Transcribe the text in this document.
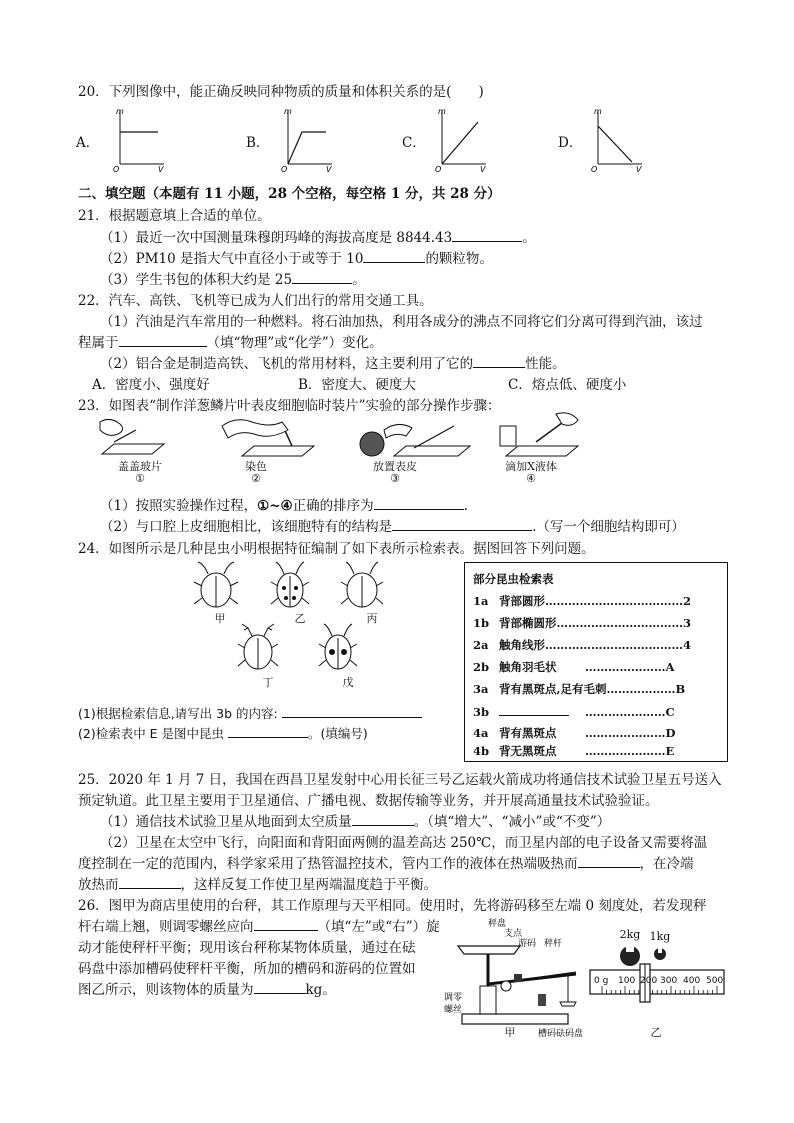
20．下列图像中，能正确反映同种物质的质量和体积关系的是(　　)
A．
m
O	V
B．
m
O	V
C．
m
O	V
D．
m
O	V
二、填空题（本题有 11 小题，28 个空格，每空格 1 分，共 28 分）
21．根据题意填上合适的单位。
（1）最近一次中国测量珠穆朗玛峰的海拔高度是 8844.43	。
（2）PM10 是指大气中直径小于或等于 10	的颗粒物。
（3）学生书包的体积大约是 25	。
22．汽车、高铁、飞机等已成为人们出行的常用交通工具。
（1）汽油是汽车常用的一种燃料。将石油加热，利用各成分的沸点不同将它们分离可得到汽油，该过
程属于	（填“物理”或“化学”）变化。
（2）铝合金是制造高铁、飞机的常用材料，这主要利用了它的	性能。
A．密度小、强度好	B．密度大、硬度大	C．熔点低、硬度小
23．如图表“制作洋葱鳞片叶表皮细胞临时装片”实验的部分操作步骤：
盖盖玻片
①
染色
②
放置表皮
③
滴加X液体
④
（1）按照实验操作过程，①~④正确的排序为	.
（2）与口腔上皮细胞相比，该细胞特有的结构是	.（写一个细胞结构即可）
24．如图所示是几种昆虫小明根据特征编制了如下表所示检索表。据图回答下列问题。
甲	乙	丙
丁	戊
(1)根据检索信息,请写出 3b 的内容:
(2)检索表中 E 是图中昆虫	。(填编号)
部分昆虫检索表
1a 背部圆形………………………………2
1b 背部椭圆形……………………………3
2a 触角线形………………………………4
2b 触角羽毛状 …………………A
3a 背有黑斑点,足有毛刺………………B
3b	…………………C
4a 背有黑斑点 …………………D
4b 背无黑斑点 …………………E
25．2020 年 1 月 7 日，我国在西昌卫星发射中心用长征三号乙运载火箭成功将通信技术试验卫星五号送入
预定轨道。此卫星主要用于卫星通信、广播电视、数据传输等业务，并开展高通量技术试验验证。
（1）通信技术试验卫星从地面到太空质量	。（填“增大”、“减小”或“不变”）
（2）卫星在太空中飞行，向阳面和背阳面两侧的温差高达 250℃，而卫星内部的电子设备又需要将温
度控制在一定的范围内，科学家采用了热管温控技术，管内工作的液体在热端吸热而	，在冷端
放热而	，这样反复工作使卫星两端温度趋于平衡。
26．图甲为商店里使用的台秤，其工作原理与天平相同。使用时，先将游码移至左端 0 刻度处，若发现秤
杆右端上翘，则调零螺丝应向	（填“左”或“右”）旋
动才能使秤杆平衡；现用该台秤称某物体质量，通过在砝
码盘中添加槽码使秤杆平衡，所加的槽码和游码的位置如
图乙所示，则该物体的质量为	kg。
秤盘
支点
游码 秤杆
调零
螺丝
槽码 砝码盘
甲
2kg 1kg
0 g 100 200 300 400 500
乙
